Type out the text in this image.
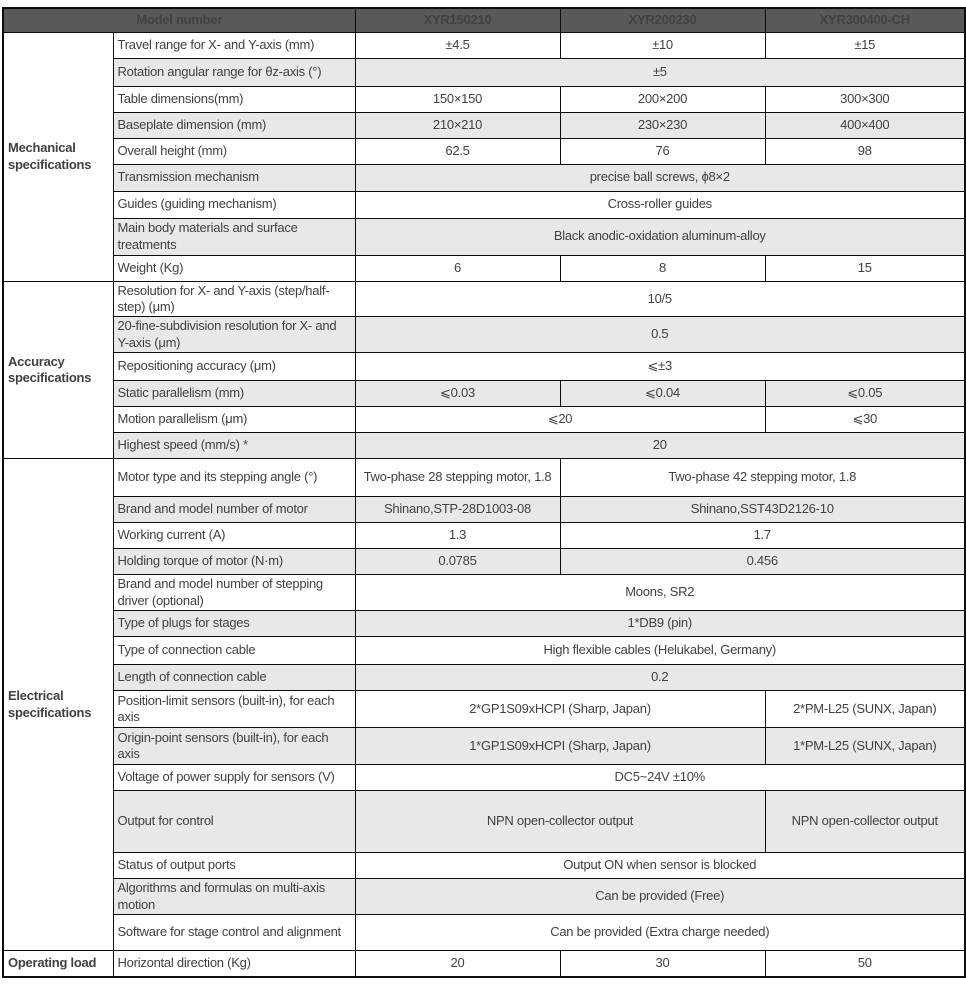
Model number		XYR150210	XYR200230	XYR300400-CH
Mechanical specifications	Travel range for X- and Y-axis (mm)	±4.5	±10	±15
	Rotation angular range for θz-axis (°)	±5		
	Table dimensions(mm)	150×150	200×200	300×300
	Baseplate dimension (mm)	210×210	230×230	400×400
	Overall height (mm)	62.5	76	98
	Transmission mechanism	precise ball screws, ϕ8×2		
	Guides (guiding mechanism)	Cross-roller guides		
	Main body materials and surface treatments	Black anodic-oxidation aluminum-alloy		
	Weight (Kg)	6	8	15
Accuracy specifications	Resolution for X- and Y-axis (step/half-step) (μm)	10/5		
	20-fine-subdivision resolution for X- and Y-axis (μm)	0.5		
	Repositioning accuracy (μm)	⩽±3		
	Static parallelism (mm)	⩽0.03	⩽0.04	⩽0.05
	Motion parallelism (μm)	⩽20		⩽30
	Highest speed (mm/s) *	20		
Electrical specifications	Motor type and its stepping angle (°)	Two-phase 28 stepping motor, 1.8	Two-phase 42 stepping motor, 1.8	
	Brand and model number of motor	Shinano,STP-28D1003-08	Shinano,SST43D2126-10	
	Working current (A)	1.3	1.7	
	Holding torque of motor (N·m)	0.0785	0.456	
	Brand and model number of stepping driver (optional)	Moons, SR2		
	Type of plugs for stages	1*DB9 (pin)		
	Type of connection cable	High flexible cables (Helukabel, Germany)		
	Length of connection cable	0.2		
	Position-limit sensors (built-in), for each axis	2*GP1S09xHCPI (Sharp, Japan)		2*PM-L25 (SUNX, Japan)
	Origin-point sensors (built-in), for each axis	1*GP1S09xHCPI (Sharp, Japan)		1*PM-L25 (SUNX, Japan)
	Voltage of power supply for sensors (V)	DC5~24V ±10%		
	Output for control	NPN open-collector output		NPN open-collector output
	Status of output ports	Output ON when sensor is blocked		
	Algorithms and formulas on multi-axis motion	Can be provided (Free)		
	Software for stage control and alignment	Can be provided (Extra charge needed)		
Operating load	Horizontal direction (Kg)	20	30	50
